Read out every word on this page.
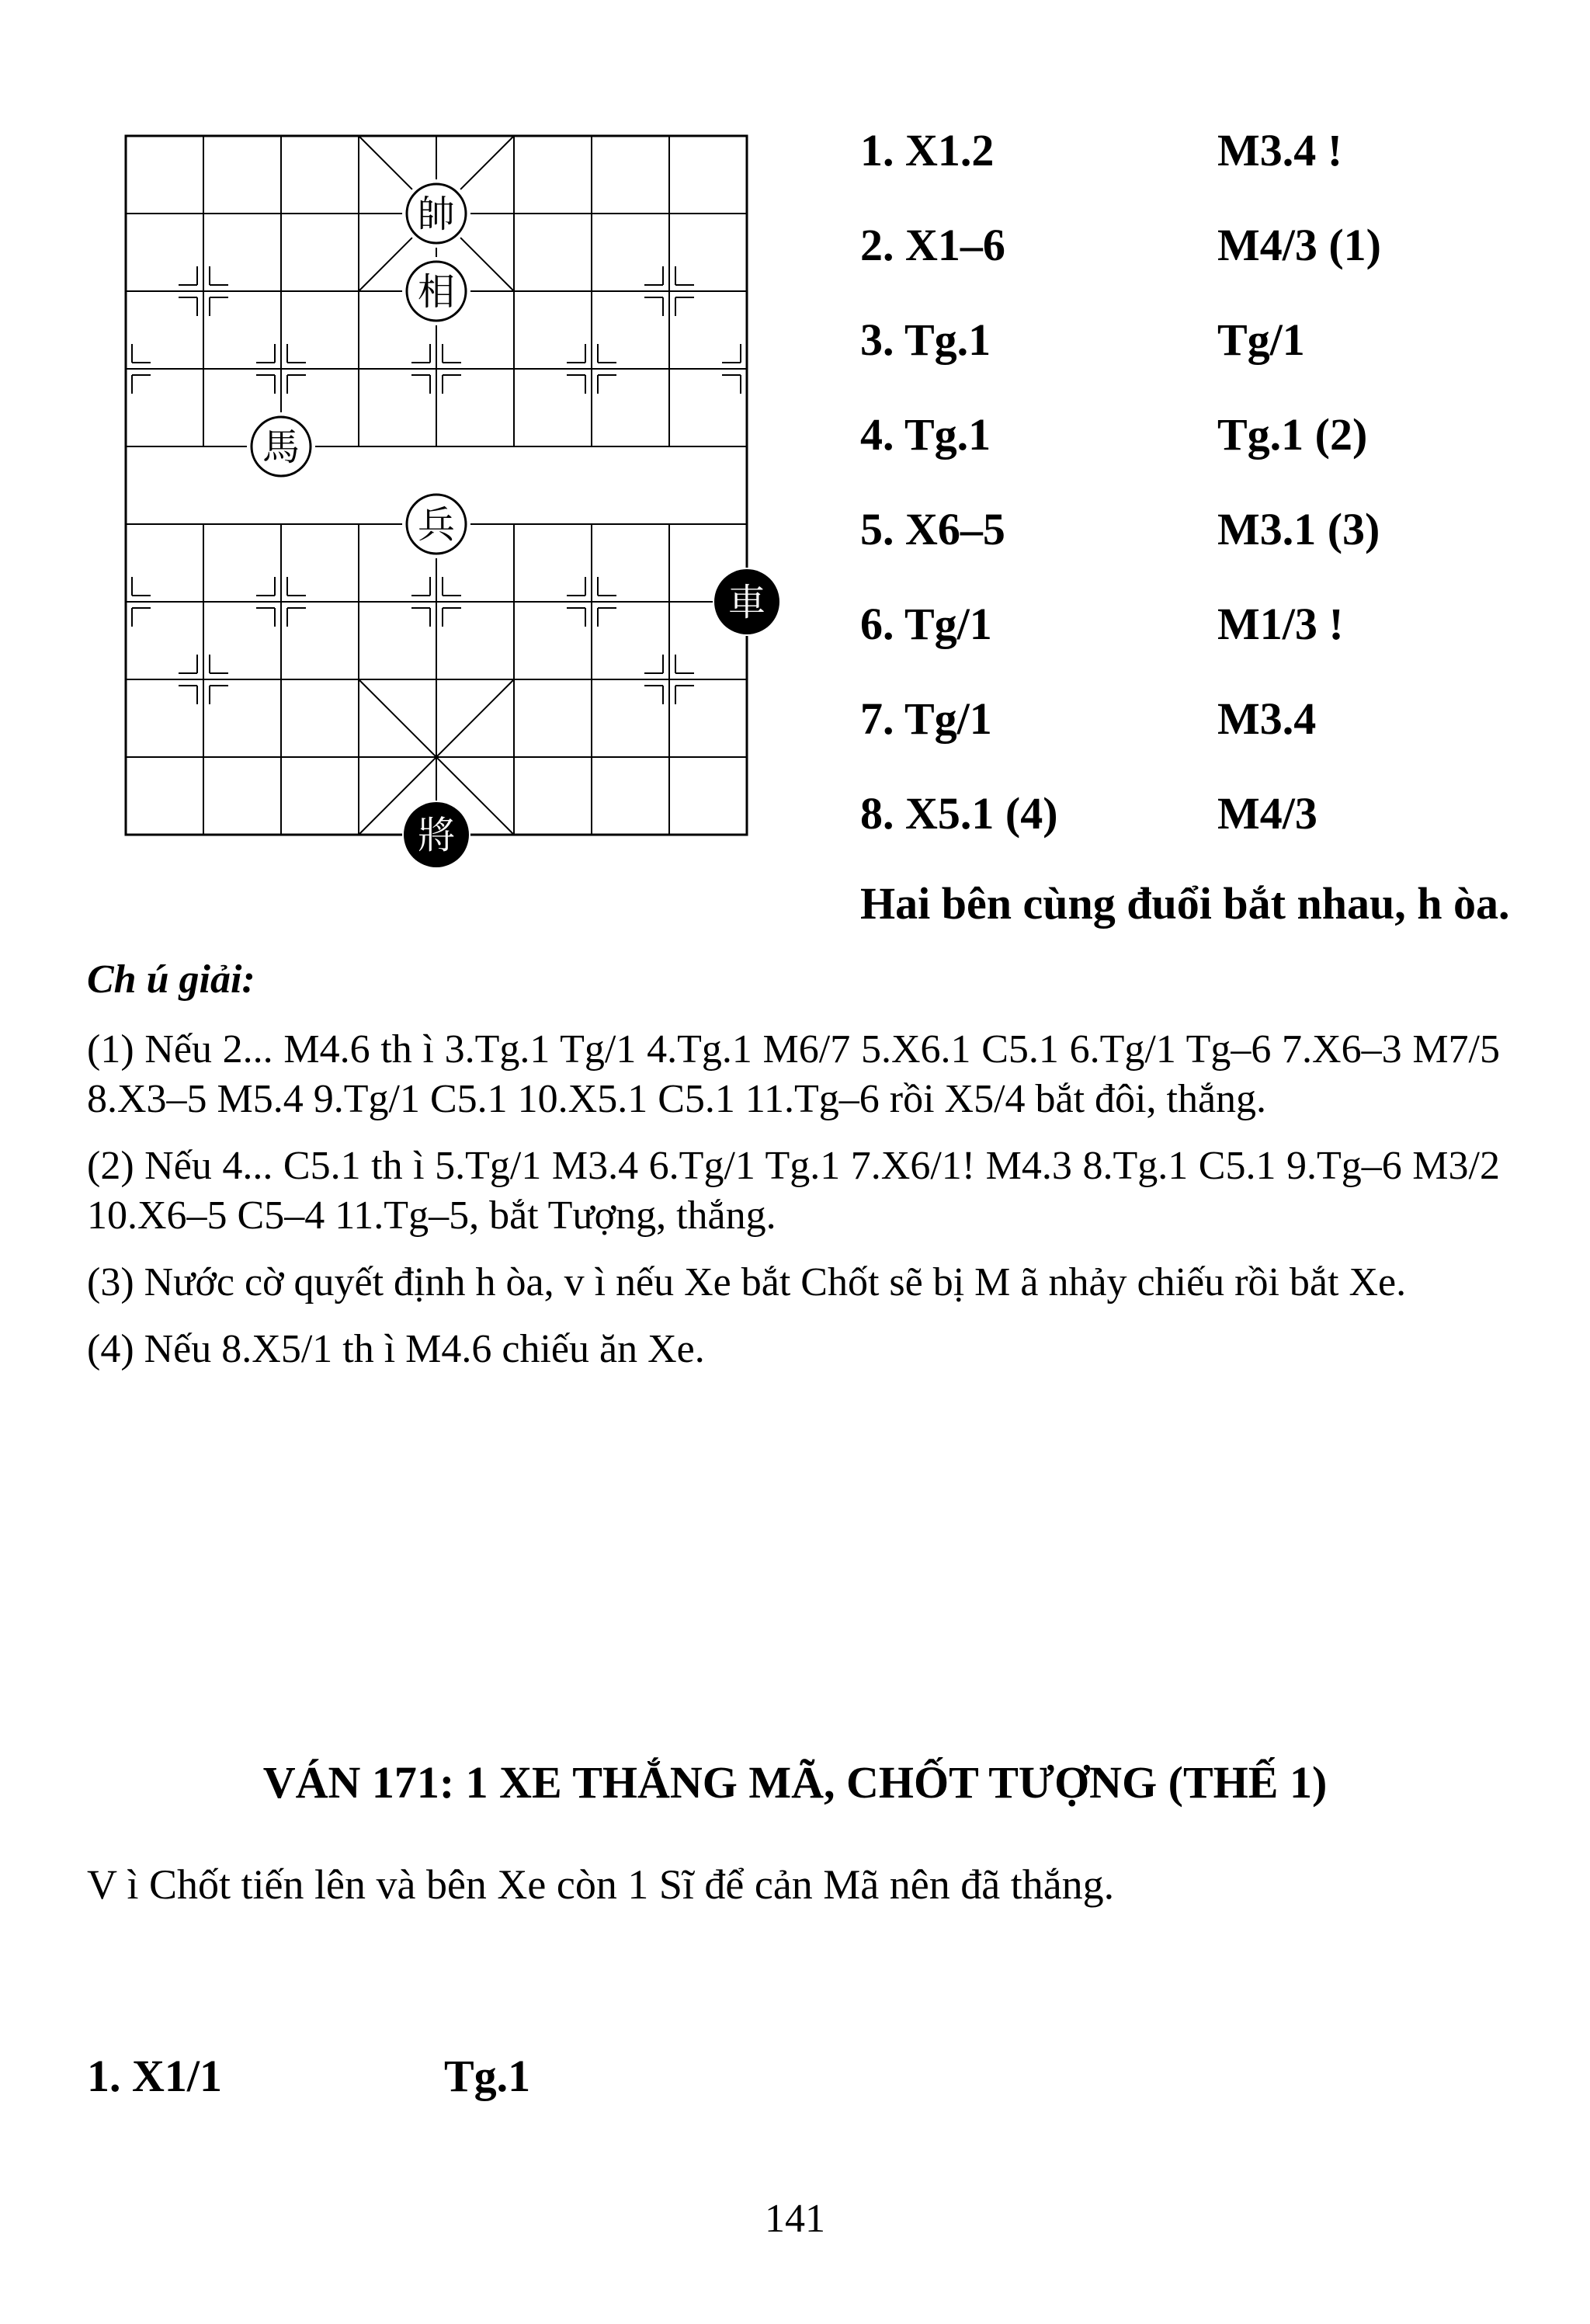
帥
相
馬
兵
車
將
1. X1.2	M3.4 !
2. X1–6	M4/3 (1)
3. Tg.1	Tg/1
4. Tg.1	Tg.1 (2)
5. X6–5	M3.1 (3)
6. Tg/1	M1/3 !
7. Tg/1	M3.4
8. X5.1 (4)	M4/3
Hai bên cùng đuổi bắt nhau, h òa.
Ch ú giải:

(1) Nếu 2... M4.6 th ì 3.Tg.1 Tg/1 4.Tg.1 M6/7 5.X6.1 C5.1 6.Tg/1 Tg–6 7.X6–3 M7/5 8.X3–5 M5.4 9.Tg/1 C5.1 10.X5.1 C5.1 11.Tg–6 rồi X5/4 bắt đôi, thắng.

(2) Nếu 4... C5.1 th ì 5.Tg/1 M3.4 6.Tg/1 Tg.1 7.X6/1! M4.3 8.Tg.1 C5.1 9.Tg–6 M3/2 10.X6–5 C5–4 11.Tg–5, bắt Tượng, thắng.

(3) Nước cờ quyết định h òa, v ì nếu Xe bắt Chốt sẽ bị M ã nhảy chiếu rồi bắt Xe.

(4) Nếu 8.X5/1 th ì M4.6 chiếu ăn Xe.

VÁN 171: 1 XE THẮNG MÃ, CHỐT TƯỢNG (THẾ 1)
V ì Chốt tiến lên và bên Xe còn 1 Sĩ để cản Mã nên đã thắng.
1. X1/1	Tg.1
141
